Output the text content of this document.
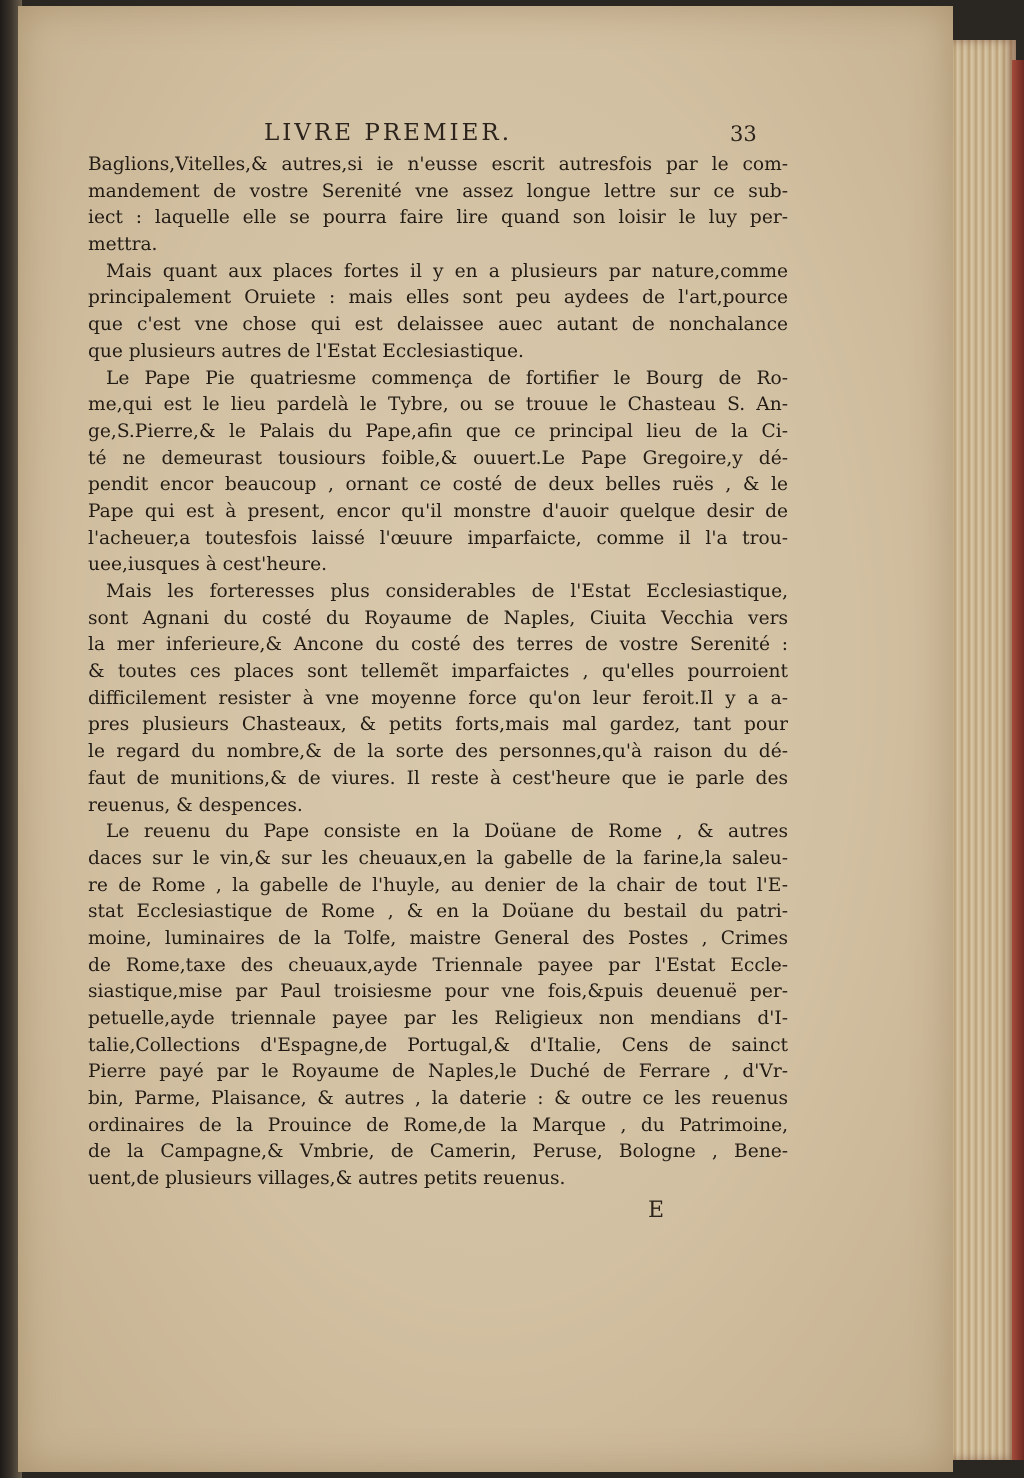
LIVRE PREMIER.	33
Baglions,Vitelles,& autres,si ie n'eusse escrit autresfois par le com-
mandement de vostre Serenité vne assez longue lettre sur ce sub-
iect : laquelle elle se pourra faire lire quand son loisir le luy per-
mettra.
Mais quant aux places fortes il y en a plusieurs par nature,comme
principalement Oruiete : mais elles sont peu aydees de l'art,pource
que c'est vne chose qui est delaissee auec autant de nonchalance
que plusieurs autres de l'Estat Ecclesiastique.
Le Pape Pie quatriesme commença de fortifier le Bourg de Ro-
me,qui est le lieu pardelà le Tybre, ou se trouue le Chasteau S. An-
ge,S.Pierre,& le Palais du Pape,afin que ce principal lieu de la Ci-
té ne demeurast tousiours foible,& ouuert.Le Pape Gregoire,y dé-
pendit encor beaucoup , ornant ce costé de deux belles ruës , & le
Pape qui est à present, encor qu'il monstre d'auoir quelque desir de
l'acheuer,a toutesfois laissé l'œuure imparfaicte, comme il l'a trou-
uee,iusques à cest'heure.
Mais les forteresses plus considerables de l'Estat Ecclesiastique,
sont Agnani du costé du Royaume de Naples, Ciuita Vecchia vers
la mer inferieure,& Ancone du costé des terres de vostre Serenité :
& toutes ces places sont tellemẽt imparfaictes , qu'elles pourroient
difficilement resister à vne moyenne force qu'on leur feroit.Il y a a-
pres plusieurs Chasteaux, & petits forts,mais mal gardez, tant pour
le regard du nombre,& de la sorte des personnes,qu'à raison du dé-
faut de munitions,& de viures. Il reste à cest'heure que ie parle des
reuenus, & despences.
Le reuenu du Pape consiste en la Doüane de Rome , & autres
daces sur le vin,& sur les cheuaux,en la gabelle de la farine,la saleu-
re de Rome , la gabelle de l'huyle, au denier de la chair de tout l'E-
stat Ecclesiastique de Rome , & en la Doüane du bestail du patri-
moine, luminaires de la Tolfe, maistre General des Postes , Crimes
de Rome,taxe des cheuaux,ayde Triennale payee par l'Estat Eccle-
siastique,mise par Paul troisiesme pour vne fois,&puis deuenuë per-
petuelle,ayde triennale payee par les Religieux non mendians d'I-
talie,Collections d'Espagne,de Portugal,& d'Italie, Cens de sainct
Pierre payé par le Royaume de Naples,le Duché de Ferrare , d'Vr-
bin, Parme, Plaisance, & autres , la daterie : & outre ce les reuenus
ordinaires de la Prouince de Rome,de la Marque , du Patrimoine,
de la Campagne,& Vmbrie, de Camerin, Peruse, Bologne , Bene-
uent,de plusieurs villages,& autres petits reuenus.
E
